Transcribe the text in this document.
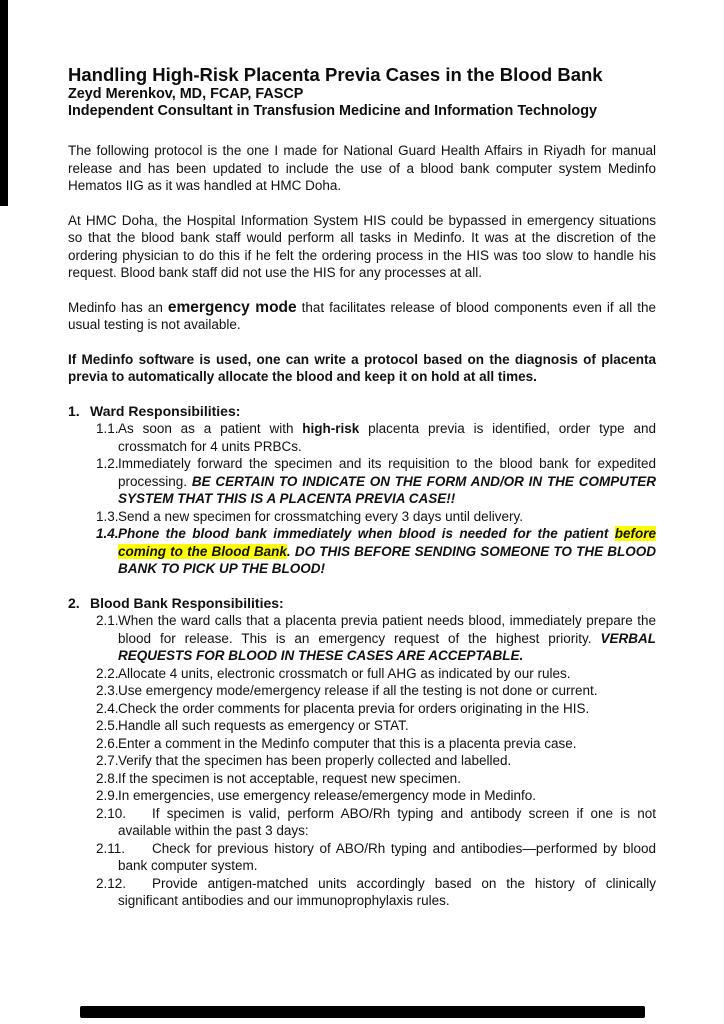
Handling High-Risk Placenta Previa Cases in the Blood Bank

Zeyd Merenkov, MD, FCAP, FASCP

Independent Consultant in Transfusion Medicine and Information Technology

The following protocol is the one I made for National Guard Health Affairs in Riyadh for manual release and has been updated to include the use of a blood bank computer system Medinfo Hematos IIG as it was handled at HMC Doha.

At HMC Doha, the Hospital Information System HIS could be bypassed in emergency situations so that the blood bank staff would perform all tasks in Medinfo. It was at the discretion of the ordering physician to do this if he felt the ordering process in the HIS was too slow to handle his request. Blood bank staff did not use the HIS for any processes at all.

Medinfo has an emergency mode that facilitates release of blood components even if all the usual testing is not available.

If Medinfo software is used, one can write a protocol based on the diagnosis of placenta previa to automatically allocate the blood and keep it on hold at all times.

1. Ward Responsibilities:
1.1. As soon as a patient with high-risk placenta previa is identified, order type and crossmatch for 4 units PRBCs.
1.2. Immediately forward the specimen and its requisition to the blood bank for expedited processing. BE CERTAIN TO INDICATE ON THE FORM AND/OR IN THE COMPUTER SYSTEM THAT THIS IS A PLACENTA PREVIA CASE!!
1.3. Send a new specimen for crossmatching every 3 days until delivery.
1.4. Phone the blood bank immediately when blood is needed for the patient before coming to the Blood Bank. DO THIS BEFORE SENDING SOMEONE TO THE BLOOD BANK TO PICK UP THE BLOOD!
2. Blood Bank Responsibilities:
2.1. When the ward calls that a placenta previa patient needs blood, immediately prepare the blood for release. This is an emergency request of the highest priority. VERBAL REQUESTS FOR BLOOD IN THESE CASES ARE ACCEPTABLE.
2.2. Allocate 4 units, electronic crossmatch or full AHG as indicated by our rules.
2.3. Use emergency mode/emergency release if all the testing is not done or current.
2.4. Check the order comments for placenta previa for orders originating in the HIS.
2.5. Handle all such requests as emergency or STAT.
2.6. Enter a comment in the Medinfo computer that this is a placenta previa case.
2.7. Verify that the specimen has been properly collected and labelled.
2.8. If the specimen is not acceptable, request new specimen.
2.9. In emergencies, use emergency release/emergency mode in Medinfo.
2.10. If specimen is valid, perform ABO/Rh typing and antibody screen if one is not available within the past 3 days:
2.11. Check for previous history of ABO/Rh typing and antibodies—performed by blood bank computer system.
2.12. Provide antigen-matched units accordingly based on the history of clinically significant antibodies and our immunoprophylaxis rules.
